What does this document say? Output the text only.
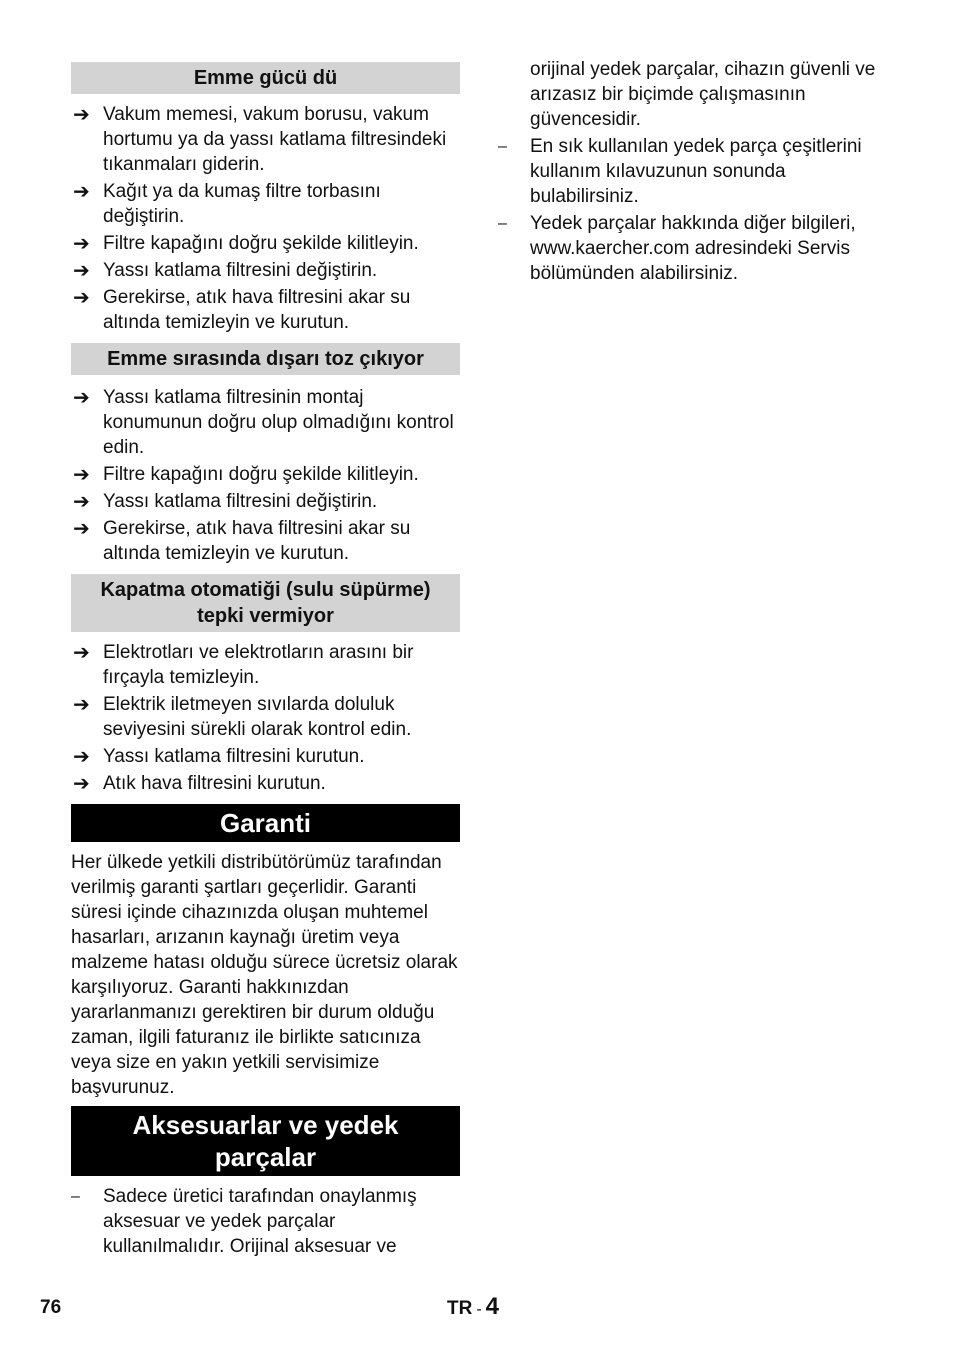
Emme gücü dü
➔ Vakum memesi, vakum borusu, vakum hortumu ya da yassı katlama filtresindeki tıkanmaları giderin.
➔ Kağıt ya da kumaş filtre torbasını değiştirin.
➔ Filtre kapağını doğru şekilde kilitleyin.
➔ Yassı katlama filtresini değiştirin.
➔ Gerekirse, atık hava filtresini akar su altında temizleyin ve kurutun.
Emme sırasında dışarı toz çıkıyor
➔ Yassı katlama filtresinin montaj konumunun doğru olup olmadığını kontrol edin.
➔ Filtre kapağını doğru şekilde kilitleyin.
➔ Yassı katlama filtresini değiştirin.
➔ Gerekirse, atık hava filtresini akar su altında temizleyin ve kurutun.
Kapatma otomatiği (sulu süpürme) tepki vermiyor
➔ Elektrotları ve elektrotların arasını bir fırçayla temizleyin.
➔ Elektrik iletmeyen sıvılarda doluluk seviyesini sürekli olarak kontrol edin.
➔ Yassı katlama filtresini kurutun.
➔ Atık hava filtresini kurutun.
Garanti

Her ülkede yetkili distribütörümüz tarafından verilmiş garanti şartları geçerlidir. Garanti süresi içinde cihazınızda oluşan muhtemel hasarları, arızanın kaynağı üretim veya malzeme hatası olduğu sürece ücretsiz olarak karşılıyoruz. Garanti hakkınızdan yararlanmanızı gerektiren bir durum olduğu zaman, ilgili faturanız ile birlikte satıcınıza veya size en yakın yetkili servisimize başvurunuz.

Aksesuarlar ve yedek parçalar
– Sadece üretici tarafından onaylanmış aksesuar ve yedek parçalar kullanılmalıdır. Orijinal aksesuar ve
orijinal yedek parçalar, cihazın güvenli ve arızasız bir biçimde çalışmasının güvencesidir.
– En sık kullanılan yedek parça çeşitlerini kullanım kılavuzunun sonunda bulabilirsiniz.
– Yedek parçalar hakkında diğer bilgileri, www.kaercher.com adresindeki Servis bölümünden alabilirsiniz.
76	TR - 4
